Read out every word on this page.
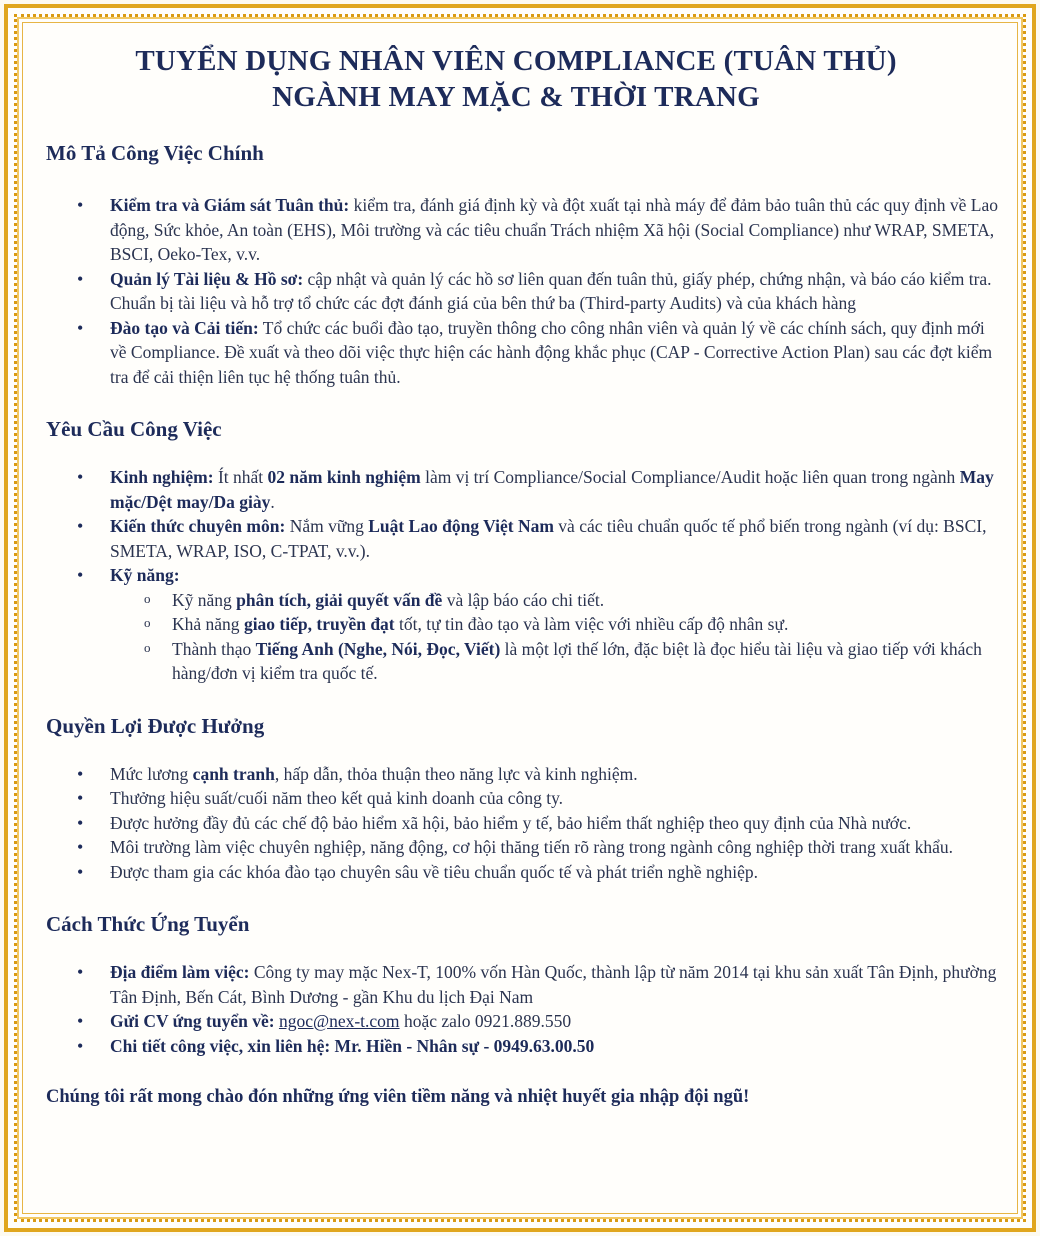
TUYỂN DỤNG NHÂN VIÊN COMPLIANCE (TUÂN THỦ)
NGÀNH MAY MẶC & THỜI TRANG
Mô Tả Công Việc Chính
• Kiểm tra và Giám sát Tuân thủ: kiểm tra, đánh giá định kỳ và đột xuất tại nhà máy để đảm bảo tuân thủ các quy định về Lao động, Sức khỏe, An toàn (EHS), Môi trường và các tiêu chuẩn Trách nhiệm Xã hội (Social Compliance) như WRAP, SMETA, BSCI, Oeko-Tex, v.v.
• Quản lý Tài liệu & Hồ sơ: cập nhật và quản lý các hồ sơ liên quan đến tuân thủ, giấy phép, chứng nhận, và báo cáo kiểm tra. Chuẩn bị tài liệu và hỗ trợ tổ chức các đợt đánh giá của bên thứ ba (Third-party Audits) và của khách hàng
• Đào tạo và Cải tiến: Tổ chức các buổi đào tạo, truyền thông cho công nhân viên và quản lý về các chính sách, quy định mới về Compliance. Đề xuất và theo dõi việc thực hiện các hành động khắc phục (CAP - Corrective Action Plan) sau các đợt kiểm tra để cải thiện liên tục hệ thống tuân thủ.
Yêu Cầu Công Việc
• Kinh nghiệm: Ít nhất 02 năm kinh nghiệm làm vị trí Compliance/Social Compliance/Audit hoặc liên quan trong ngành May mặc/Dệt may/Da giày.
• Kiến thức chuyên môn: Nắm vững Luật Lao động Việt Nam và các tiêu chuẩn quốc tế phổ biến trong ngành (ví dụ: BSCI, SMETA, WRAP, ISO, C-TPAT, v.v.).
• Kỹ năng:
o Kỹ năng phân tích, giải quyết vấn đề và lập báo cáo chi tiết.
o Khả năng giao tiếp, truyền đạt tốt, tự tin đào tạo và làm việc với nhiều cấp độ nhân sự.
o Thành thạo Tiếng Anh (Nghe, Nói, Đọc, Viết) là một lợi thế lớn, đặc biệt là đọc hiểu tài liệu và giao tiếp với khách hàng/đơn vị kiểm tra quốc tế.
Quyền Lợi Được Hưởng
• Mức lương cạnh tranh, hấp dẫn, thỏa thuận theo năng lực và kinh nghiệm.
• Thưởng hiệu suất/cuối năm theo kết quả kinh doanh của công ty.
• Được hưởng đầy đủ các chế độ bảo hiểm xã hội, bảo hiểm y tế, bảo hiểm thất nghiệp theo quy định của Nhà nước.
• Môi trường làm việc chuyên nghiệp, năng động, cơ hội thăng tiến rõ ràng trong ngành công nghiệp thời trang xuất khẩu.
• Được tham gia các khóa đào tạo chuyên sâu về tiêu chuẩn quốc tế và phát triển nghề nghiệp.
Cách Thức Ứng Tuyển
• Địa điểm làm việc: Công ty may mặc Nex-T, 100% vốn Hàn Quốc, thành lập từ năm 2014 tại khu sản xuất Tân Định, phường Tân Định, Bến Cát, Bình Dương - gần Khu du lịch Đại Nam
• Gửi CV ứng tuyển về: ngoc@nex-t.com hoặc zalo 0921.889.550
• Chi tiết công việc, xin liên hệ: Mr. Hiền - Nhân sự - 0949.63.00.50

Chúng tôi rất mong chào đón những ứng viên tiềm năng và nhiệt huyết gia nhập đội ngũ!
